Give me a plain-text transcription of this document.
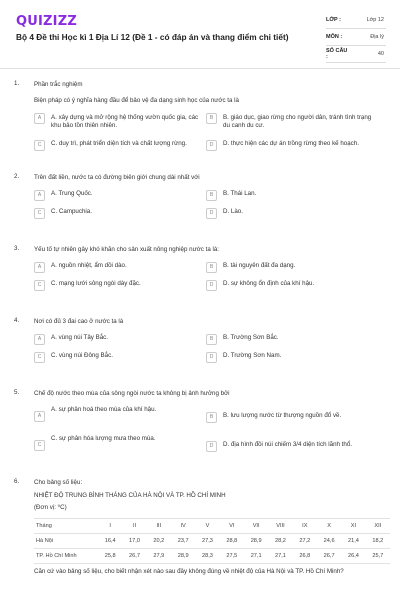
QUIZIZZ
Bộ 4 Đề thi Học kì 1 Địa Lí 12 (Đề 1 - có đáp án và thang điểm chi tiết)
LỚP :	Lớp 12
MÔN :	Địa lý
SỐ CÂU :	40
1.	Phần trắc nghiệm
Biện pháp có ý nghĩa hàng đầu để bảo vệ đa dạng sinh học của nước ta là
A	A. xây dựng và mở rộng hệ thống vườn quốc gia, các khu bảo tồn thiên nhiên.
B	B. giáo dục, giao rừng cho người dân, tránh tình trạng du canh du cư.
C	C. duy trì, phát triển diện tích và chất lượng rừng.	D	D. thực hiện các dự án trồng rừng theo kế hoạch.
2.	Trên đất liền, nước ta có đường biên giới chung dài nhất với
A	A. Trung Quốc.	B	B. Thái Lan.
C	C. Campuchia.	D	D. Lào.
3.	Yếu tố tự nhiên gây khó khăn cho sản xuất nông nghiệp nước ta là:
A	A. nguồn nhiệt, ẩm dồi dào.	B	B. tài nguyên đất đa dạng.
C	C. mạng lưới sông ngòi dày đặc.	D	D. sự không ổn định của khí hậu.
4.	Nơi có đủ 3 đai cao ở nước ta là
A	A. vùng núi Tây Bắc.	B	B. Trường Sơn Bắc.
C	C. vùng núi Đông Bắc.	D	D. Trường Sơn Nam.
5.	Chế độ nước theo mùa của sông ngòi nước ta không bị ảnh hưởng bởi
A
A. sự phân hoá theo mùa của khí hậu.
B	B. lưu lượng nước từ thượng nguồn đổ về.
C
C. sự phân hóa lượng mưa theo mùa.
D	D. địa hình đồi núi chiếm 3/4 diện tích lãnh thổ.
6.	Cho bảng số liệu:
NHIỆT ĐỘ TRUNG BÌNH THÁNG CỦA HÀ NỘI VÀ TP. HỒ CHÍ MINH
(Đơn vị: ⁰C)
Tháng	I	II	III	IV	V	VI	VII	VIII	IX	X	XI	XII
Hà Nội	16,4	17,0	20,2	23,7	27,3	28,8	28,9	28,2	27,2	24,6	21,4	18,2
TP. Hồ Chí Minh	25,8	26,7	27,9	28,9	28,3	27,5	27,1	27,1	26,8	26,7	26,4	25,7
Căn cứ vào bảng số liệu, cho biết nhận xét nào sau đây không đúng về nhiệt độ của Hà Nội và TP. Hồ Chí Minh?
